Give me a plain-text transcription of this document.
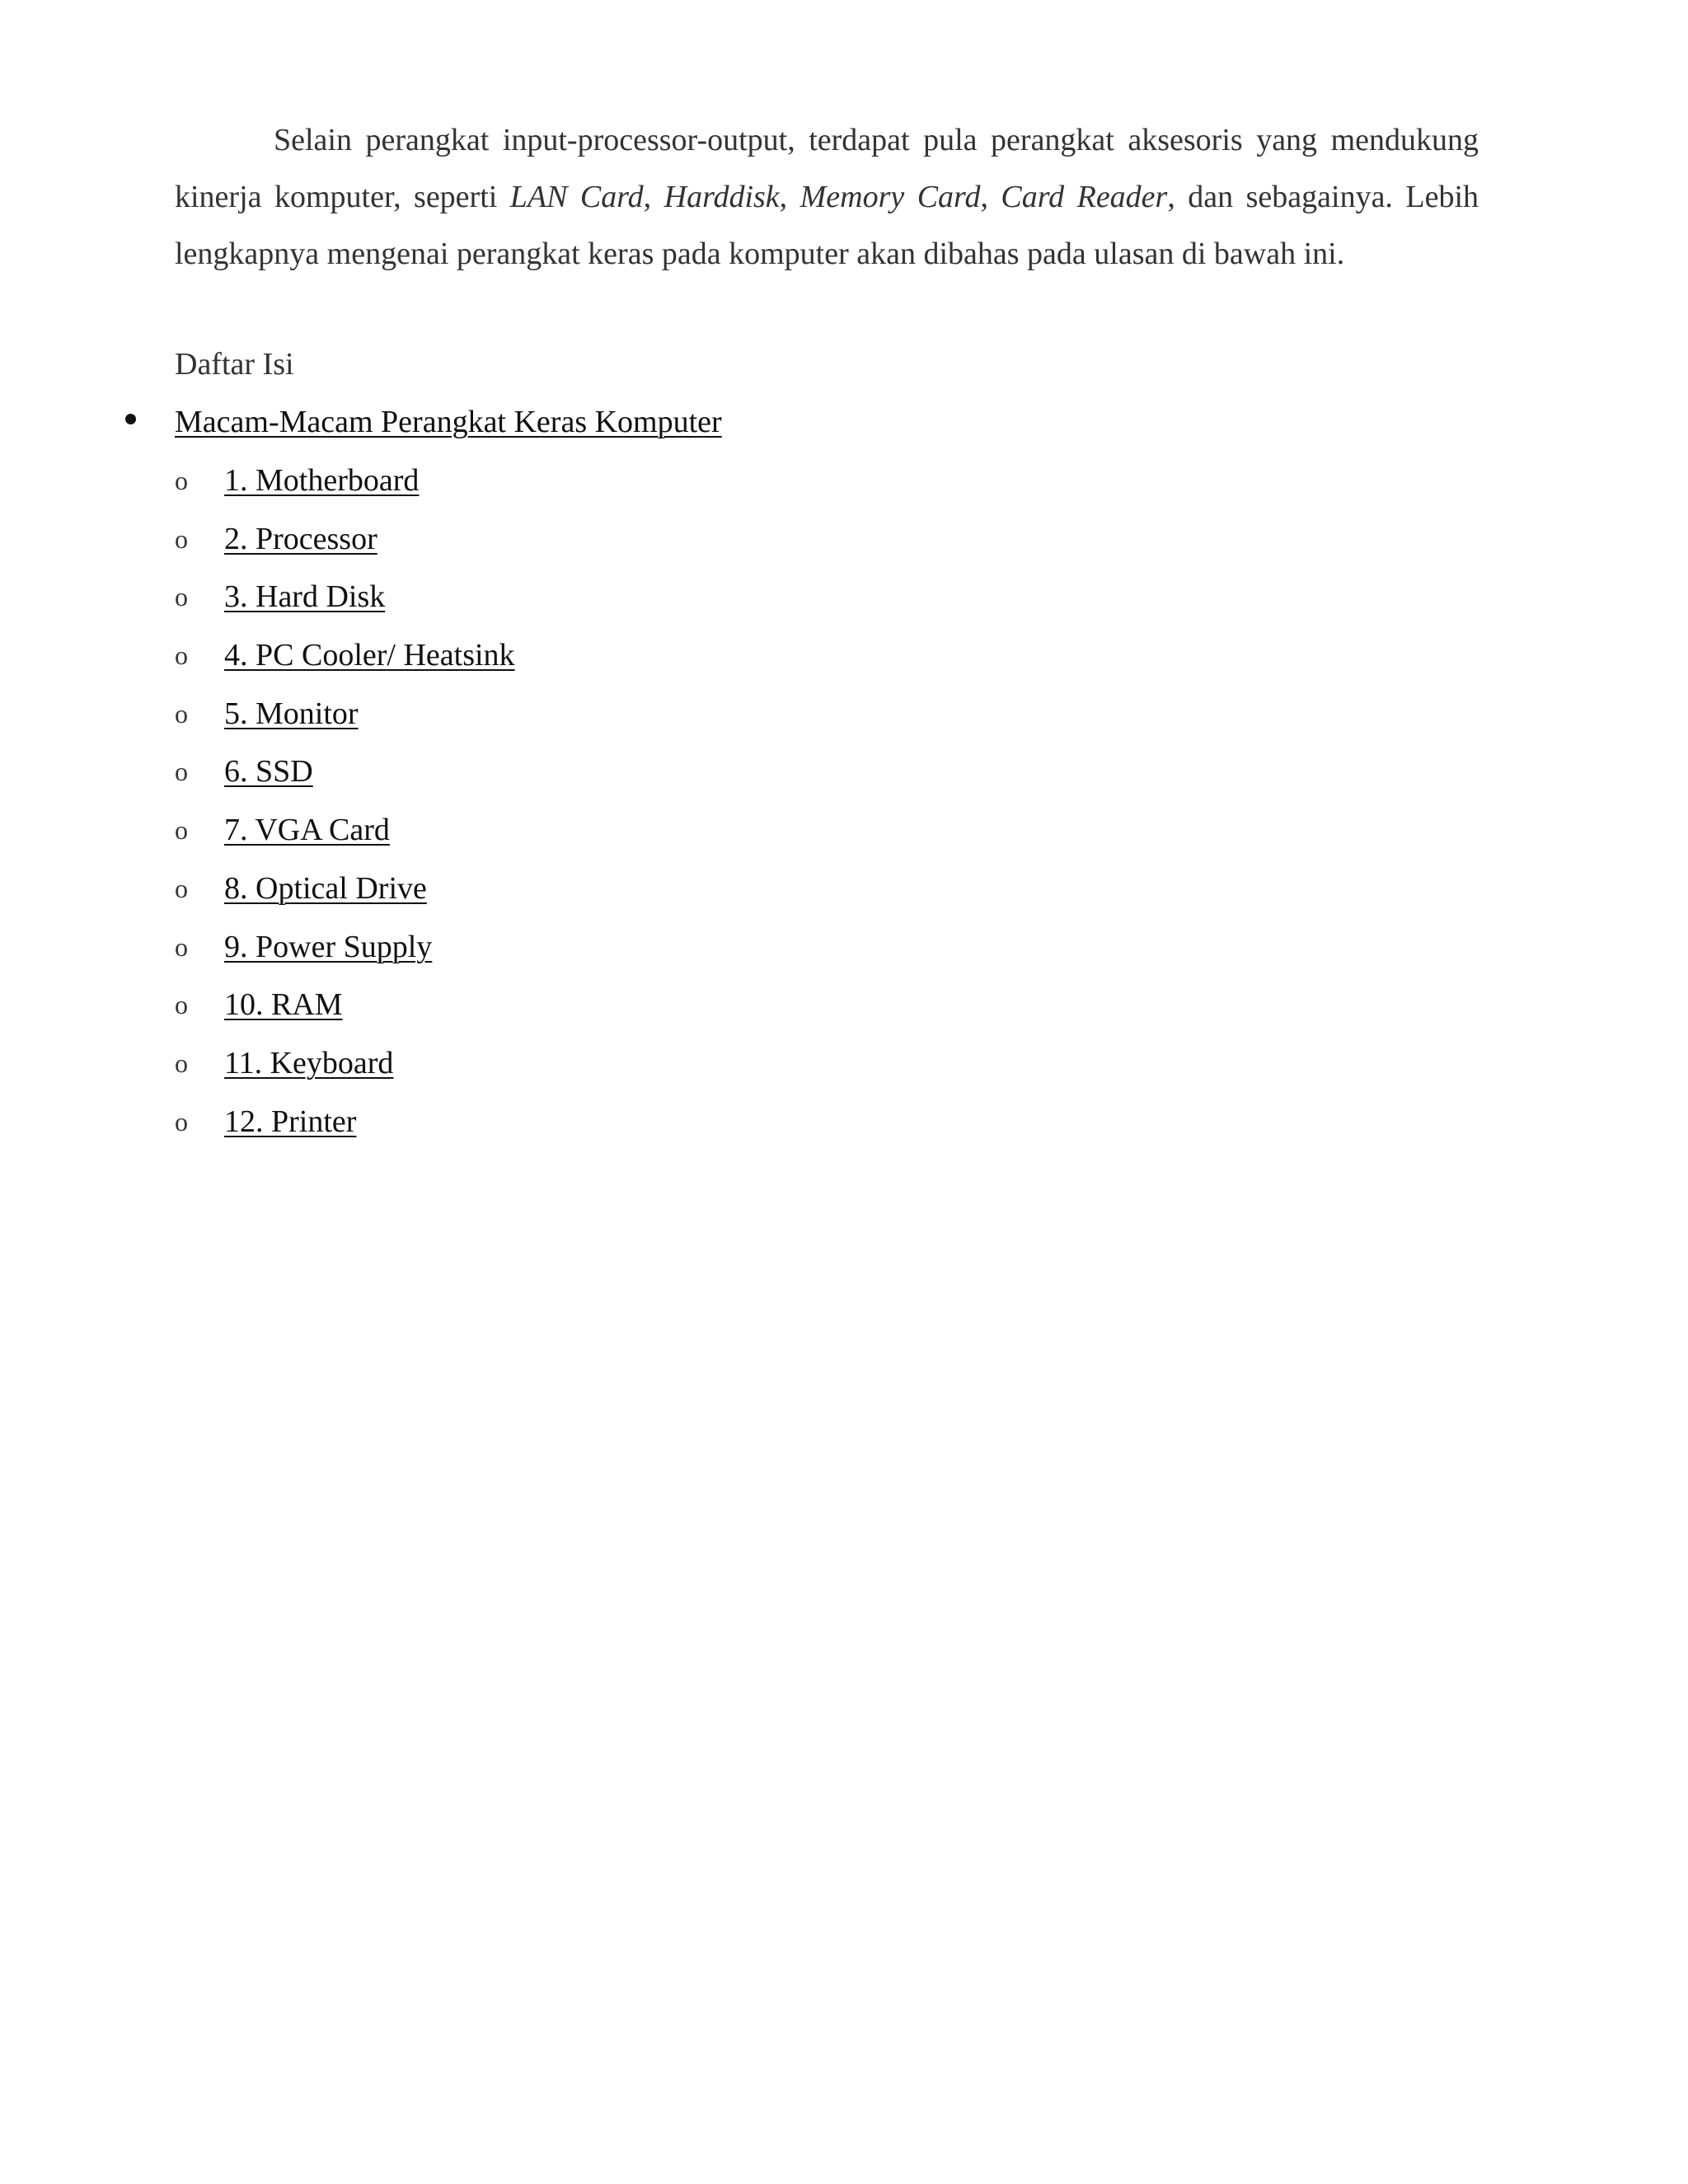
Selain perangkat input-processor-output, terdapat pula perangkat aksesoris yang mendukung kinerja komputer, seperti LAN Card, Harddisk, Memory Card, Card Reader, dan sebagainya. Lebih lengkapnya mengenai perangkat keras pada komputer akan dibahas pada ulasan di bawah ini.

Daftar Isi
Macam-Macam Perangkat Keras Komputer
o	1. Motherboard
o	2. Processor
o	3. Hard Disk
o	4. PC Cooler/ Heatsink
o	5. Monitor
o	6. SSD
o	7. VGA Card
o	8. Optical Drive
o	9. Power Supply
o	10. RAM
o	11. Keyboard
o	12. Printer
